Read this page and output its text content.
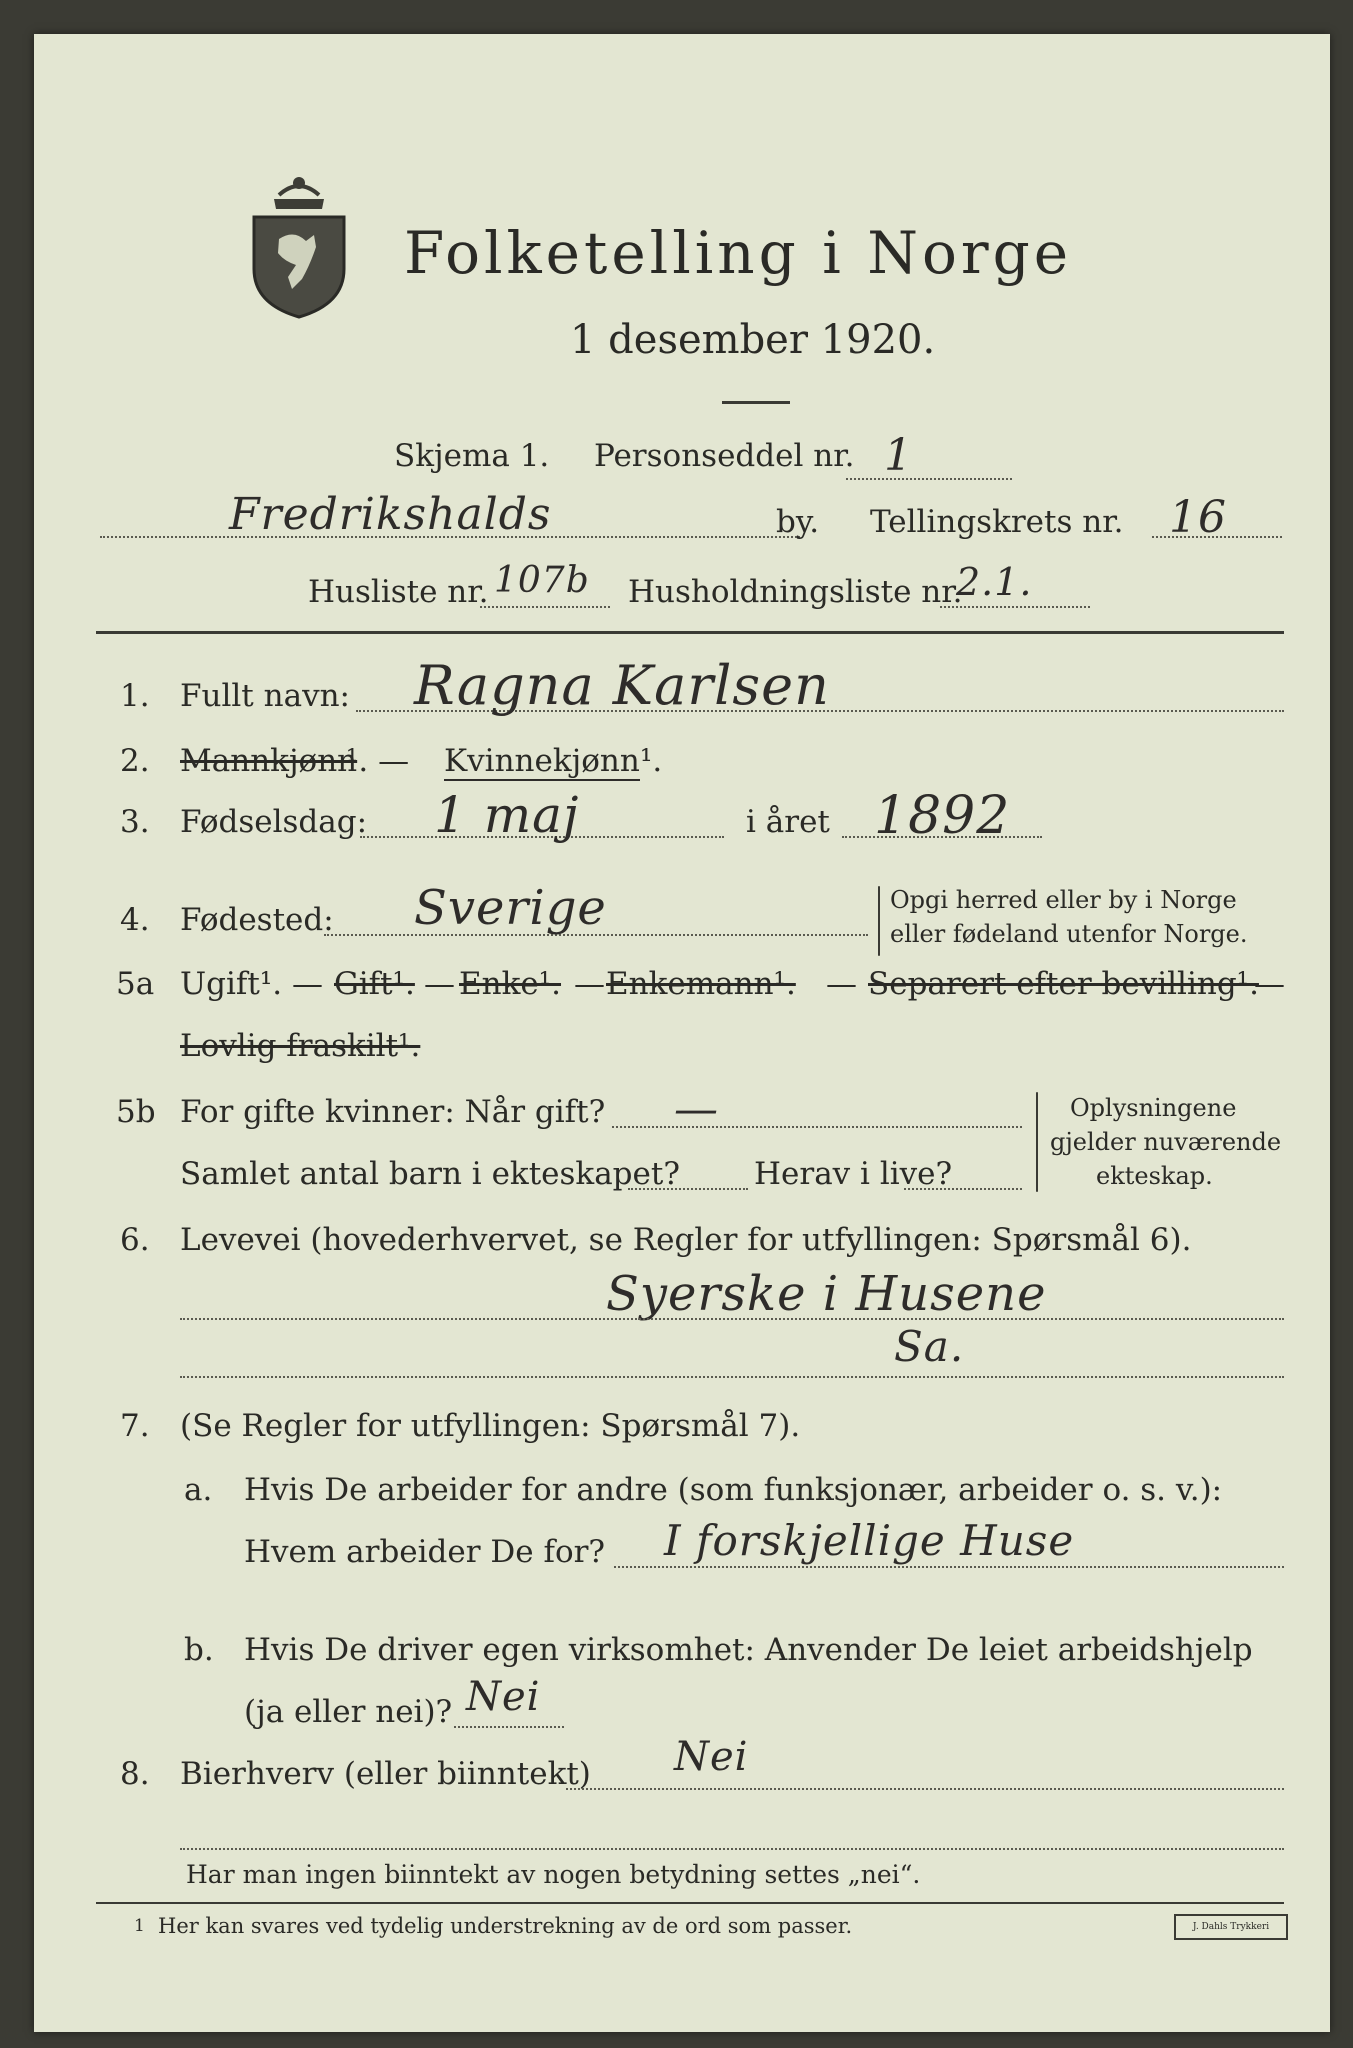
Folketelling i Norge
1 desember 1920.
Skjema 1. Personseddel nr. 1
Fredrikshalds	by. Tellingskrets nr. 16
Husliste nr. 107b Husholdningsliste nr.
2.1.
1. Fullt navn: Ragna Karlsen
2. Mannkjønn
¹. — Kvinnekjønn ¹.
3. Fødselsdag: 1 maj	i året 1892
4. Fødested: Sverige	Opgi herred eller by i Norge
eller fødeland utenfor Norge.
5a Ugift¹. — Gift¹. — Enke¹. — Enkemann¹. — Separert efter bevilling¹.
—
Lovlig fraskilt¹.
5b For gifte kvinner: Når gift? —
Samlet antal barn i ekteskapet? Herav i live?
Oplysningene
gjelder nuværende
ekteskap.
6. Levevei (hovederhvervet, se Regler for utfyllingen: Spørsmål 6).
Syerske i Husene
Sa.
7. (Se Regler for utfyllingen: Spørsmål 7).
a. Hvis De arbeider for andre (som funksjonær, arbeider o. s. v.):
Hvem arbeider De for? I forskjellige Huse
b. Hvis De driver egen virksomhet: Anvender De leiet arbeidshjelp
(ja eller nei)? Nei
8. Bierhverv (eller biinntekt) Nei
Har man ingen biinntekt av nogen betydning settes „nei“.
1 Her kan svares ved tydelig understrekning av de ord som passer.	J. Dahls Trykkeri
